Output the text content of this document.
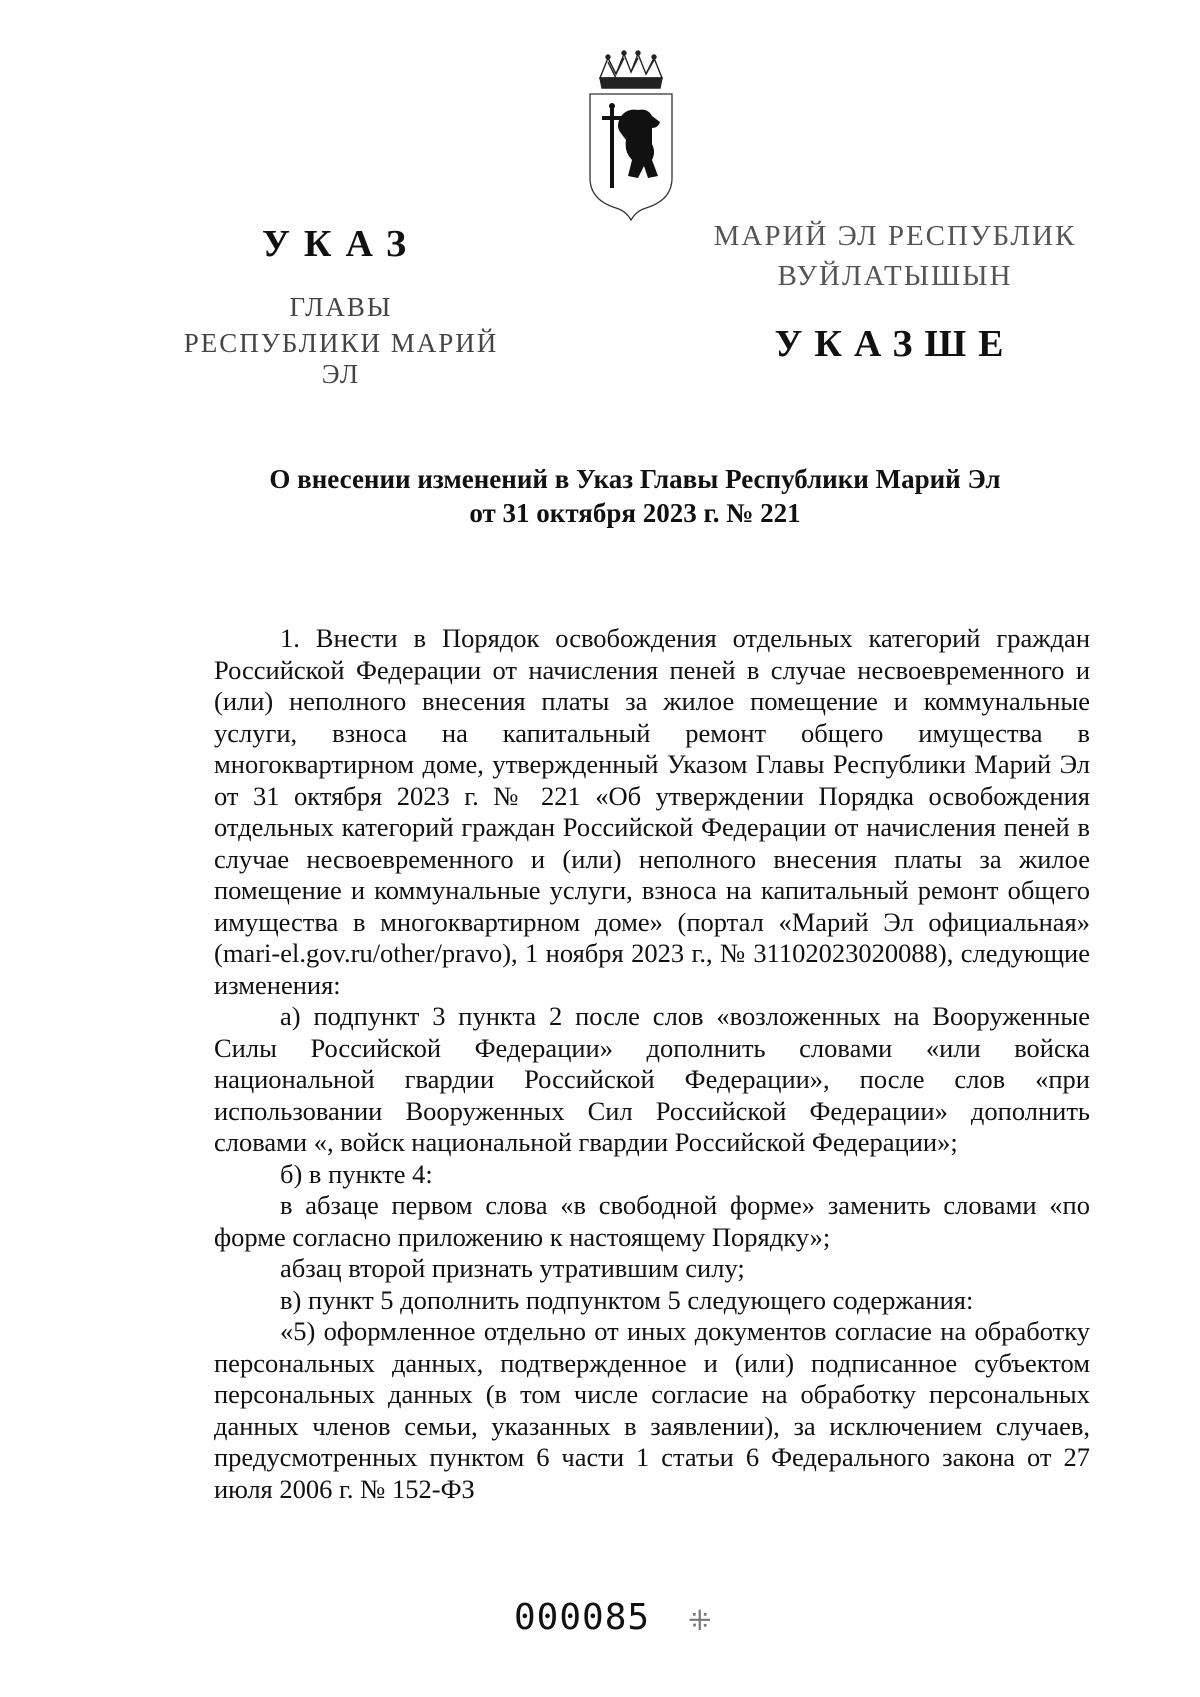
УКАЗ
ГЛАВЫ
РЕСПУБЛИКИ МАРИЙ ЭЛ
МАРИЙ ЭЛ РЕСПУБЛИК
ВУЙЛАТЫШЫН
УКАЗШЕ
О внесении изменений в Указ Главы Республики Марий Эл
от 31 октября 2023 г. № 221

1. Внести в Порядок освобождения отдельных категорий граждан Российской Федерации от начисления пеней в случае несвоевременного и (или) неполного внесения платы за жилое помещение и коммунальные услуги, взноса на капитальный ремонт общего имущества в многоквартирном доме, утвержденный Указом Главы Республики Марий Эл от 31 октября 2023 г. № 221 «Об утверждении Порядка освобождения отдельных категорий граждан Российской Федерации от начисления пеней в случае несвоевременного и (или) неполного внесения платы за жилое помещение и коммунальные услуги, взноса на капитальный ремонт общего имущества в многоквартирном доме» (портал «Марий Эл официальная» (mari-el.gov.ru/other/pravo), 1 ноября 2023 г., № 31102023020088), следующие изменения:

а) подпункт 3 пункта 2 после слов «возложенных на Вооруженные Силы Российской Федерации» дополнить словами «или войска национальной гвардии Российской Федерации», после слов «при использовании Вооруженных Сил Российской Федерации» дополнить словами «, войск национальной гвардии Российской Федерации»;

б) в пункте 4:

в абзаце первом слова «в свободной форме» заменить словами «по форме согласно приложению к настоящему Порядку»;

абзац второй признать утратившим силу;

в) пункт 5 дополнить подпунктом 5 следующего содержания:

«5) оформленное отдельно от иных документов согласие на обработку персональных данных, подтвержденное и (или) подписанное субъектом персональных данных (в том числе согласие на обработку персональных данных членов семьи, указанных в заявлении), за исключением случаев, предусмотренных пунктом 6 части 1 статьи 6 Федерального закона от 27 июля 2006 г. № 152-ФЗ

000085 ⁜
